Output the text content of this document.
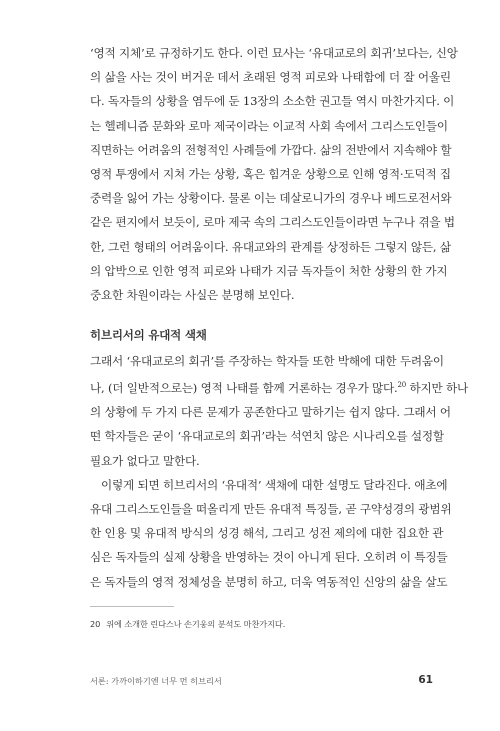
‘영적 지체’로 규정하기도 한다. 이런 묘사는 ‘유대교로의 회귀’보다는, 신앙
의 삶을 사는 것이 버거운 데서 초래된 영적 피로와 나태함에 더 잘 어울린
다. 독자들의 상황을 염두에 둔 13장의 소소한 권고들 역시 마찬가지다. 이
는 헬레니즘 문화와 로마 제국이라는 이교적 사회 속에서 그리스도인들이
직면하는 어려움의 전형적인 사례들에 가깝다. 삶의 전반에서 지속해야 할
영적 투쟁에서 지쳐 가는 상황, 혹은 힘겨운 상황으로 인해 영적·도덕적 집
중력을 잃어 가는 상황이다. 물론 이는 데살로니가의 경우나 베드로전서와
같은 편지에서 보듯이, 로마 제국 속의 그리스도인들이라면 누구나 겪을 법
한, 그런 형태의 어려움이다. 유대교와의 관계를 상정하든 그렇지 않든, 삶
의 압박으로 인한 영적 피로와 나태가 지금 독자들이 처한 상황의 한 가지
중요한 차원이라는 사실은 분명해 보인다.
히브리서의 유대적 색채
그래서 ‘유대교로의 회귀’를 주장하는 학자들 또한 박해에 대한 두려움이
나, (더 일반적으로는) 영적 나태를 함께 거론하는 경우가 많다.$^{20}$ 하지만 하나
의 상황에 두 가지 다른 문제가 공존한다고 말하기는 쉽지 않다. 그래서 어
떤 학자들은 굳이 ‘유대교로의 회귀’라는 석연치 않은 시나리오를 설정할
필요가 없다고 말한다.
이렇게 되면 히브리서의 ‘유대적’ 색채에 대한 설명도 달라진다. 애초에
유대 그리스도인들을 떠올리게 만든 유대적 특징들, 곧 구약성경의 광범위
한 인용 및 유대적 방식의 성경 해석, 그리고 성전 제의에 대한 집요한 관
심은 독자들의 실제 상황을 반영하는 것이 아니게 된다. 오히려 이 특징들
은 독자들의 영적 정체성을 분명히 하고, 더욱 역동적인 신앙의 삶을 살도
20 위에 소개한 린다스나 손기웅의 분석도 마찬가지다.
서론: 가까이하기엔 너무 먼 히브리서	61
